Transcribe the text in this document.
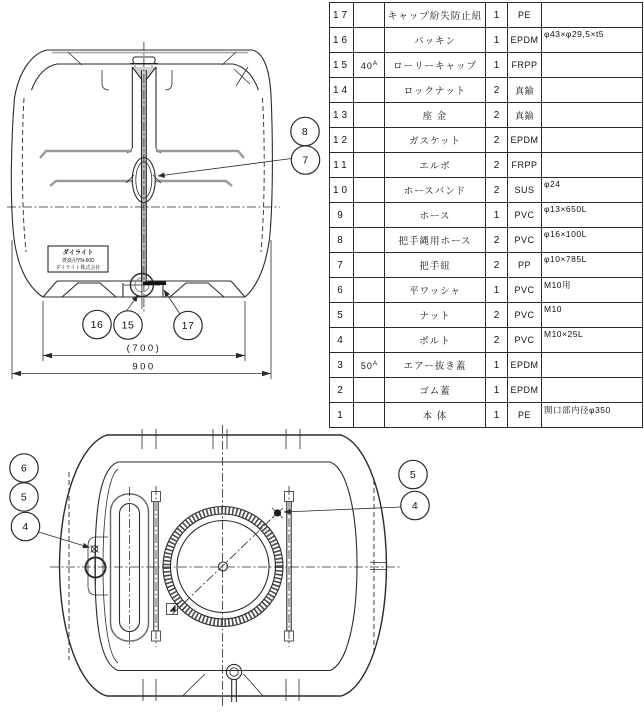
ダイライト
農薬用YN-600
ダイライト株式会社
8
7
16 15	17
(700)
900
6
5
4
5
4
17		キャップ紛失防止紐	1	PE	
16		パッキン	1	EPDM	φ43×φ29,5×t5
15	$40^A$	ローリーキャップ	1	FRPP	
14		ロックナット	2	真鍮	
13		座 金	2	真鍮	
12		ガスケット	2	EPDM	
11		エルボ	2	FRPP	
10		ホースバンド	2	SUS	φ24
9		ホース	1	PVC	φ13×650L
8		把手縄用ホース	2	PVC	φ16×100L
7		把手紐	2	PP	φ10×785L
6		平ワッシャ	1	PVC	M10用
5		ナット	2	PVC	M10
4		ボルト	2	PVC	M10×25L
3	$50^A$	エアー抜き蓋	1	EPDM	
2		ゴム蓋	1	EPDM	
1		本 体	1	PE	開口部内径φ350
